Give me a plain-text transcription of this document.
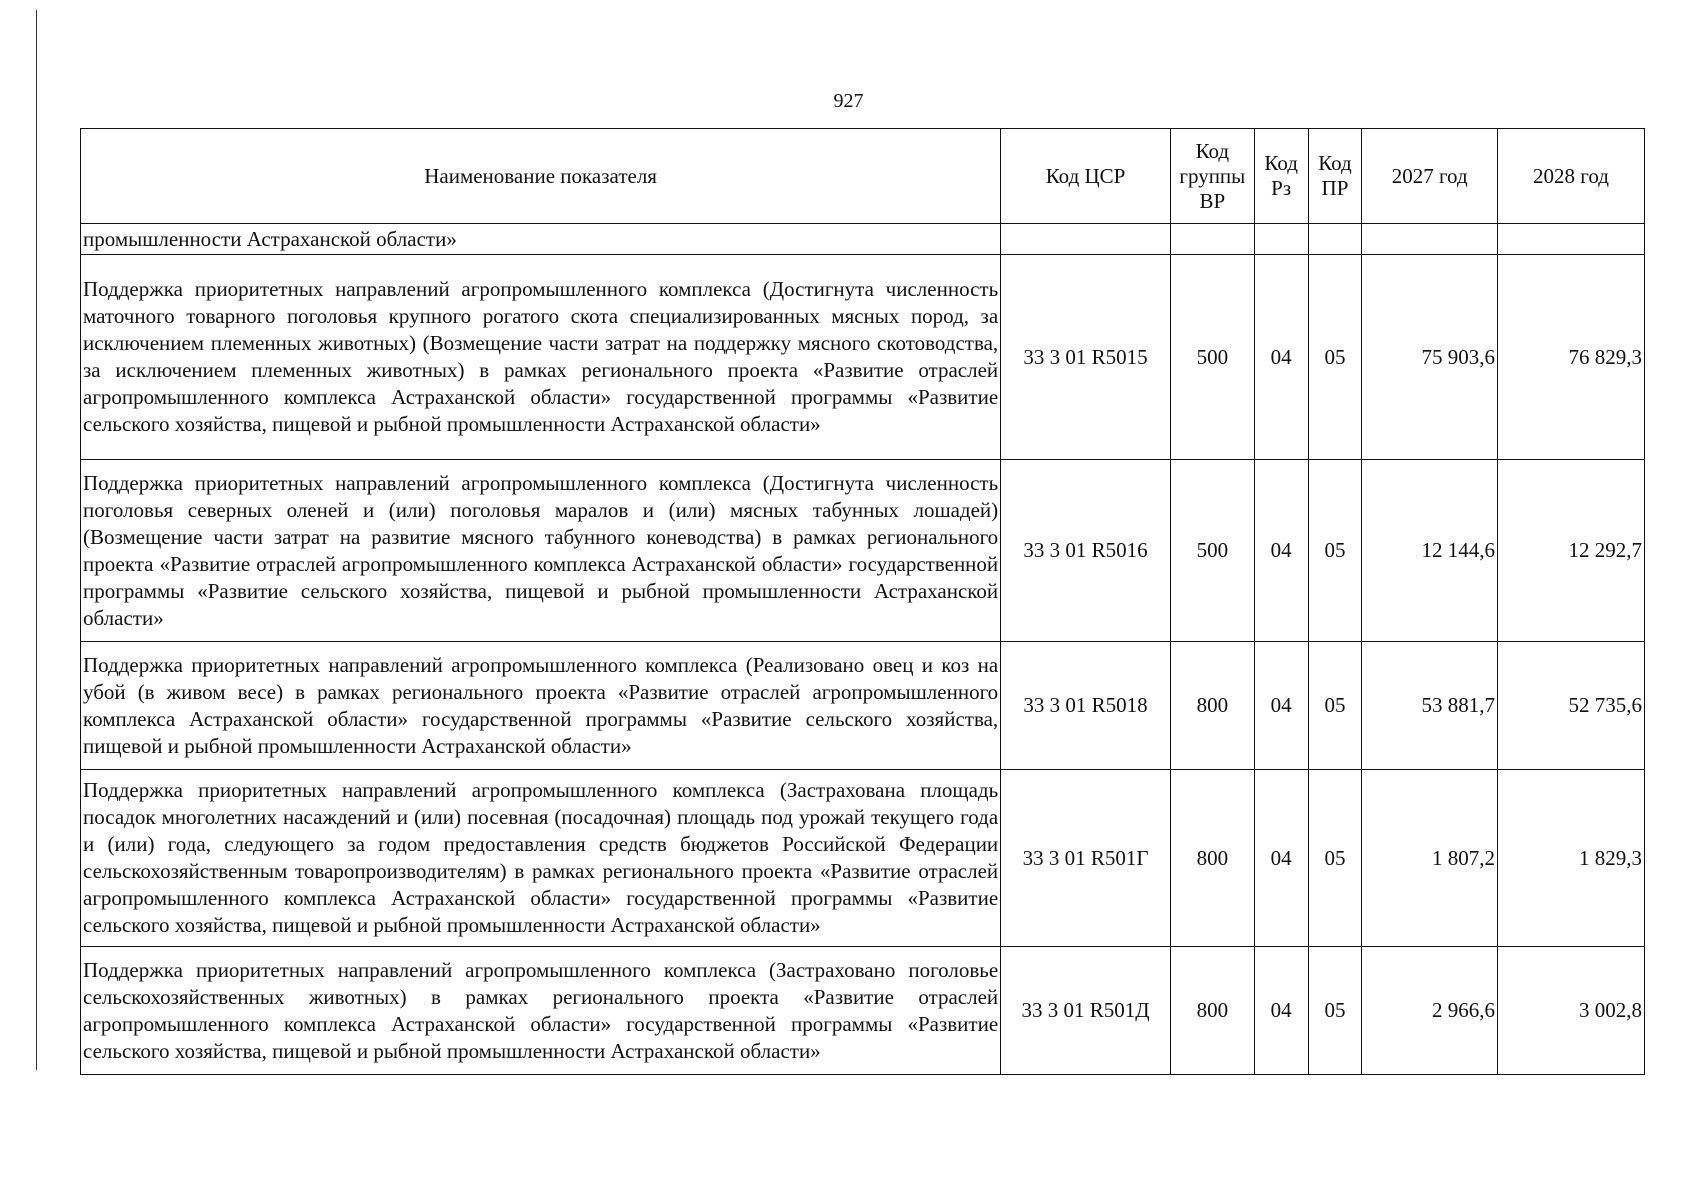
927
Наименование показателя	Код ЦСР	Код группы ВР	Код Рз	Код ПР	2027 год	2028 год
промышленности Астраханской области»						
Поддержка приоритетных направлений агропромышленного комплекса (Достигнута численность маточного товарного поголовья крупного рогатого скота специализированных мясных пород, за исключением племенных животных) (Возмещение части затрат на поддержку мясного скотоводства, за исключением племенных животных) в рамках регионального проекта «Развитие отраслей агропромышленного комплекса Астраханской области» государственной программы «Развитие сельского хозяйства, пищевой и рыбной промышленности Астраханской области»	33 3 01 R5015	500	04	05	75 903,6	76 829,3
Поддержка приоритетных направлений агропромышленного комплекса (Достигнута численность поголовья северных оленей и (или) поголовья маралов и (или) мясных табунных лошадей) (Возмещение части затрат на развитие мясного табунного коневодства) в рамках регионального проекта «Развитие отраслей агропромышленного комплекса Астраханской области» государственной программы «Развитие сельского хозяйства, пищевой и рыбной промышленности Астраханской области»	33 3 01 R5016	500	04	05	12 144,6	12 292,7
Поддержка приоритетных направлений агропромышленного комплекса (Реализовано овец и коз на убой (в живом весе) в рамках регионального проекта «Развитие отраслей агропромышленного комплекса Астраханской области» государственной программы «Развитие сельского хозяйства, пищевой и рыбной промышленности Астраханской области»	33 3 01 R5018	800	04	05	53 881,7	52 735,6
Поддержка приоритетных направлений агропромышленного комплекса (Застрахована площадь посадок многолетних насаждений и (или) посевная (посадочная) площадь под урожай текущего года и (или) года, следующего за годом предоставления средств бюджетов Российской Федерации сельскохозяйственным товаропроизводителям) в рамках регионального проекта «Развитие отраслей агропромышленного комплекса Астраханской области» государственной программы «Развитие сельского хозяйства, пищевой и рыбной промышленности Астраханской области»	33 3 01 R501Г	800	04	05	1 807,2	1 829,3
Поддержка приоритетных направлений агропромышленного комплекса (Застраховано поголовье сельскохозяйственных животных) в рамках регионального проекта «Развитие отраслей агропромышленного комплекса Астраханской области» государственной программы «Развитие сельского хозяйства, пищевой и рыбной промышленности Астраханской области»	33 3 01 R501Д	800	04	05	2 966,6	3 002,8
